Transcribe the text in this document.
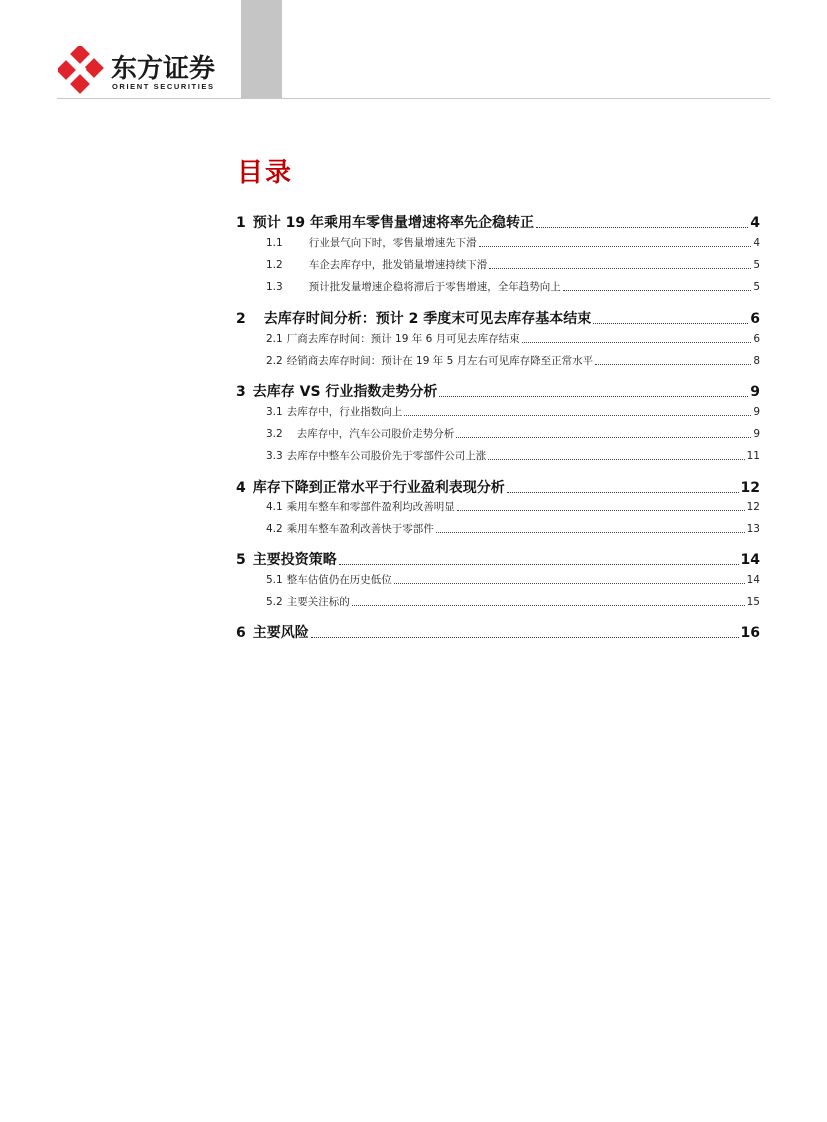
东方证券
ORIENT SECURITIES
目录
1 预计 19 年乘用车零售量增速将率先企稳转正	4
1.1 行业景气向下时，零售量增速先下滑	4
1.2 车企去库存中，批发销量增速持续下滑	5
1.3 预计批发量增速企稳将滞后于零售增速，全年趋势向上	5
2 去库存时间分析：预计 2 季度末可见去库存基本结束	6
2.1 厂商去库存时间：预计 19 年 6 月可见去库存结束	6
2.2 经销商去库存时间：预计在 19 年 5 月左右可见库存降至正常水平	8
3 去库存 VS 行业指数走势分析	9
3.1 去库存中，行业指数向上	9
3.2 去库存中，汽车公司股价走势分析	9
3.3 去库存中整车公司股价先于零部件公司上涨	11
4 库存下降到正常水平于行业盈利表现分析	12
4.1 乘用车整车和零部件盈利均改善明显	12
4.2 乘用车整车盈利改善快于零部件	13
5 主要投资策略	14
5.1 整车估值仍在历史低位	14
5.2 主要关注标的	15
6 主要风险	16
